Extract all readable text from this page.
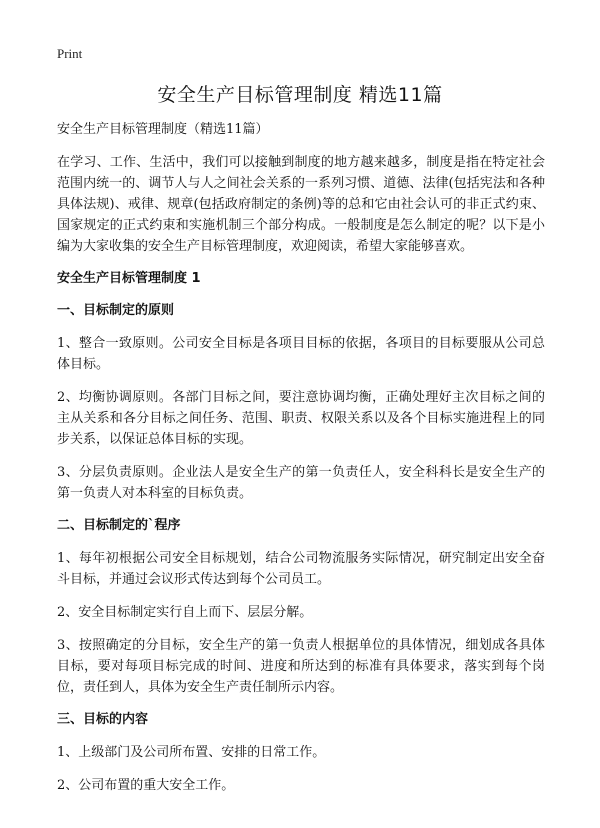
Print
安全生产目标管理制度 精选11篇
安全生产目标管理制度（精选11篇）

在学习、工作、生活中，我们可以接触到制度的地方越来越多，制度是指在特定社会范围内统一的、调节人与人之间社会关系的一系列习惯、道德、法律(包括宪法和各种具体法规)、戒律、规章(包括政府制定的条例)等的总和它由社会认可的非正式约束、国家规定的正式约束和实施机制三个部分构成。一般制度是怎么制定的呢？以下是小编为大家收集的安全生产目标管理制度，欢迎阅读，希望大家能够喜欢。

安全生产目标管理制度 1
一、目标制定的原则

1、整合一致原则。公司安全目标是各项目目标的依据，各项目的目标要服从公司总体目标。

2、均衡协调原则。各部门目标之间，要注意协调均衡，正确处理好主次目标之间的主从关系和各分目标之间任务、范围、职责、权限关系以及各个目标实施进程上的同步关系，以保证总体目标的实现。

3、分层负责原则。企业法人是安全生产的第一负责任人，安全科科长是安全生产的第一负责人对本科室的目标负责。

二、目标制定的`程序

1、每年初根据公司安全目标规划，结合公司物流服务实际情况，研究制定出安全奋斗目标，并通过会议形式传达到每个公司员工。

2、安全目标制定实行自上而下、层层分解。

3、按照确定的分目标，安全生产的第一负责人根据单位的具体情况，细划成各具体目标，要对每项目标完成的时间、进度和所达到的标准有具体要求，落实到每个岗位，责任到人，具体为安全生产责任制所示内容。

三、目标的内容

1、上级部门及公司所布置、安排的日常工作。

2、公司布置的重大安全工作。
